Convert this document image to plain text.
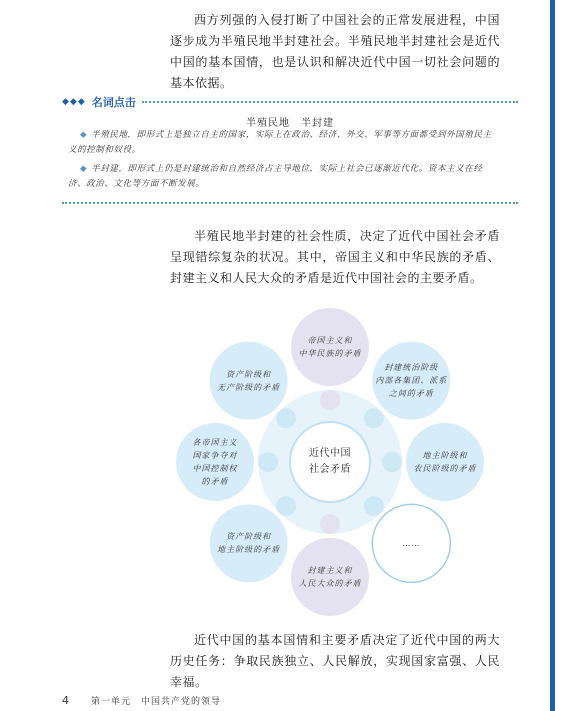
西方列强的入侵打断了中国社会的正常发展进程，中国逐步成为半殖民地半封建社会。半殖民地半封建社会是近代中国的基本国情，也是认识和解决近代中国一切社会问题的基本依据。
◆◆◆ 名词点击
半殖民地　半封建
◆ 半殖民地，即形式上是独立自主的国家，实际上在政治、经济、外交、军事等方面都受到外国殖民主义的控制和奴役。
◆ 半封建，即形式上仍是封建统治和自然经济占主导地位，实际上社会已逐渐近代化。资本主义在经济、政治、文化等方面不断发展。
半殖民地半封建的社会性质，决定了近代中国社会矛盾呈现错综复杂的状况。其中，帝国主义和中华民族的矛盾、封建主义和人民大众的矛盾是近代中国社会的主要矛盾。
近代中国
社会矛盾
帝国主义和
中华民族的矛盾
封建统治阶级
内部各集团、派系
之间的矛盾
地主阶级和
农民阶级的矛盾
……
封建主义和
人民大众的矛盾
资产阶级和
地主阶级的矛盾
各帝国主义
国家争夺对
中国控制权
的矛盾
资产阶级和
无产阶级的矛盾
近代中国的基本国情和主要矛盾决定了近代中国的两大历史任务：争取民族独立、人民解放，实现国家富强、人民幸福。
4 第一单元　中国共产党的领导
